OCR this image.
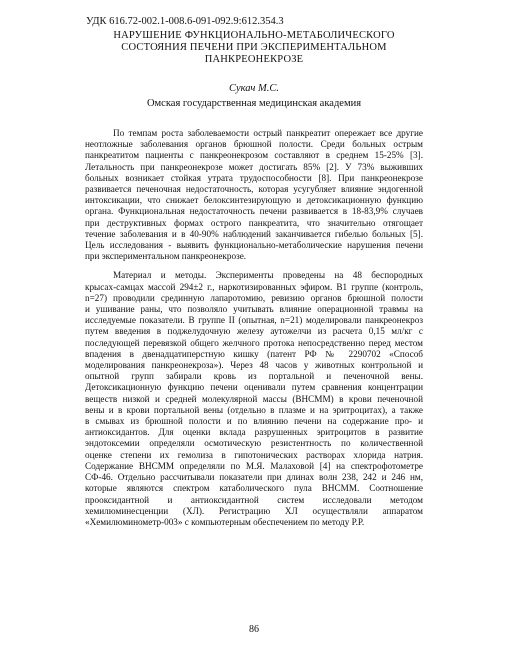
УДК 616.72-002.1-008.6-091-092.9:612.354.3
НАРУШЕНИЕ ФУНКЦИОНАЛЬНО-МЕТАБОЛИЧЕСКОГО
СОСТОЯНИЯ ПЕЧЕНИ ПРИ ЭКСПЕРИМЕНТАЛЬНОМ
ПАНКРЕОНЕКРОЗЕ
Сукач М.С.
Омская государственная медицинская академия

По темпам роста заболеваемости острый панкреатит опережает все другие
неотложные заболевания органов брюшной полости. Среди больных острым
панкреатитом пациенты с панкреонекрозом составляют в среднем 15-25% [3].
Летальность при панкреонекрозе может достигать 85% [2]. У 73% выживших
больных возникает стойкая утрата трудоспособности [8]. При панкреонекрозе
развивается печеночная недостаточность, которая усугубляет влияние эндогенной
интоксикации, что снижает белоксинтезирующую и детоксикационную функцию
органа. Функциональная недостаточность печени развивается в 18-83,9% случаев
при деструктивных формах острого панкреатита, что значительно отягощает
течение заболевания и в 40-90% наблюдений заканчивается гибелью больных [5].
Цель исследования - выявить функционально-метаболические нарушения печени
при экспериментальном панкреонекрозе.

Материал и методы. Эксперименты проведены на 48 беспородных
крысах-самцах массой 294±2 г., наркотизированных эфиром. В1 группе (контроль,
n=27) проводили срединную лапаротомию, ревизию органов брюшной полости
и ушивание раны, что позволяло учитывать влияние операционной травмы на
исследуемые показатели. В группе II (опытная, n=21) моделировали панкреонекроз
путем введения в поджелудочную железу аутожелчи из расчета 0,15 мл/кг с
последующей перевязкой общего желчного протока непосредственно перед местом
впадения в двенадцатиперстную кишку (патент РФ № 2290702 «Способ
моделирования панкреонекроза»). Через 48 часов у животных контрольной и
опытной групп забирали кровь из портальной и печеночной вены.
Детоксикационную функцию печени оценивали путем сравнения концентрации
веществ низкой и средней молекулярной массы (ВНСММ) в крови печеночной
вены и в крови портальной вены (отдельно в плазме и на эритроцитах), а также
в смывах из брюшной полости и по влиянию печени на содержание про- и
антиоксидантов. Для оценки вклада разрушенных эритроцитов в развитие
эндотоксемии определяли осмотическую резистентность по количественной
оценке степени их гемолиза в гипотонических растворах хлорида натрия.
Содержание ВНСММ определяли по М.Я. Малаховой [4] на спектрофотометре
СФ-46. Отдельно рассчитывали показатели при длинах волн 238, 242 и 246 нм,
которые являются спектром катаболического пула ВНСММ. Соотношение
прооксидантной и антиоксидантной систем исследовали методом
хемилюминесценции (ХЛ). Регистрацию ХЛ осуществляли аппаратом
«Хемилюминометр-003» с компьютерным обеспечением по методу Р.Р.

86
